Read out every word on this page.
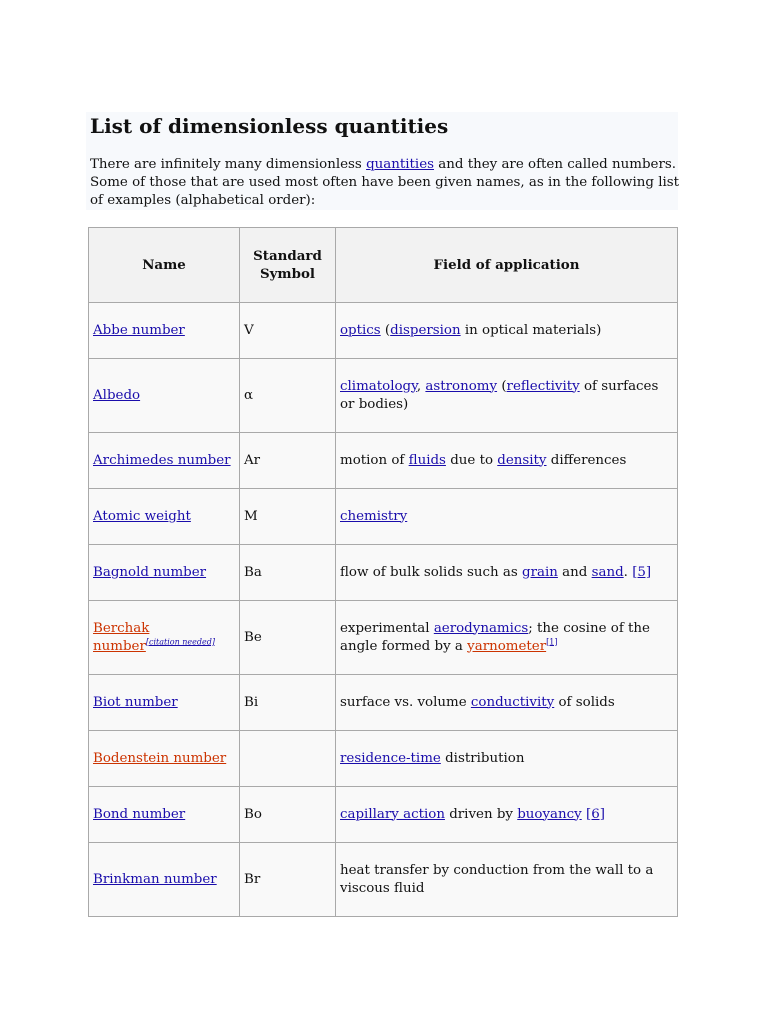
List of dimensionless quantities

There are infinitely many dimensionless quantities and they are often called numbers. Some of those that are used most often have been given names, as in the following list of examples (alphabetical order):

Name	Standard Symbol	Field of application
Abbe number	V	optics (dispersion in optical materials)
Albedo	α	climatology, astronomy (reflectivity of surfaces or bodies)
Archimedes number	Ar	motion of fluids due to density differences
Atomic weight	M	chemistry
Bagnold number	Ba	flow of bulk solids such as grain and sand. [5]
Berchak number[citation needed]	Be	experimental aerodynamics; the cosine of the angle formed by a yarnometer[1]
Biot number	Bi	surface vs. volume conductivity of solids
Bodenstein number		residence-time distribution
Bond number	Bo	capillary action driven by buoyancy [6]
Brinkman number	Br	heat transfer by conduction from the wall to a viscous fluid
